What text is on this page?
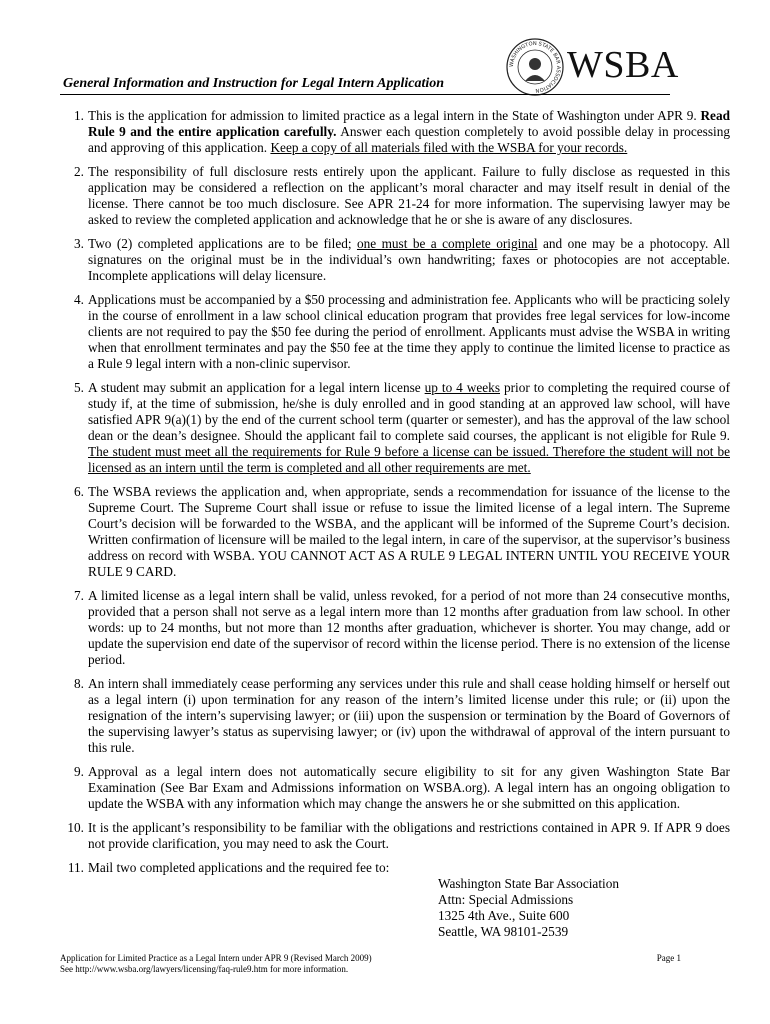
WASHINGTON STATE BAR ASSOCIATION
WSBA
General Information and Instruction for Legal Intern Application
1. This is the application for admission to limited practice as a legal intern in the State of Washington under APR 9. Read Rule 9 and the entire application carefully. Answer each question completely to avoid possible delay in processing and approving of this application. Keep a copy of all materials filed with the WSBA for your records.
2. The responsibility of full disclosure rests entirely upon the applicant. Failure to fully disclose as requested in this application may be considered a reflection on the applicant’s moral character and may itself result in denial of the license. There cannot be too much disclosure. See APR 21-24 for more information. The supervising lawyer may be asked to review the completed application and acknowledge that he or she is aware of any disclosures.
3. Two (2) completed applications are to be filed; one must be a complete original and one may be a photocopy. All signatures on the original must be in the individual’s own handwriting; faxes or photocopies are not acceptable. Incomplete applications will delay licensure.
4. Applications must be accompanied by a $50 processing and administration fee. Applicants who will be practicing solely in the course of enrollment in a law school clinical education program that provides free legal services for low-income clients are not required to pay the $50 fee during the period of enrollment. Applicants must advise the WSBA in writing when that enrollment terminates and pay the $50 fee at the time they apply to continue the limited license to practice as a Rule 9 legal intern with a non-clinic supervisor.
5. A student may submit an application for a legal intern license up to 4 weeks prior to completing the required course of study if, at the time of submission, he/she is duly enrolled and in good standing at an approved law school, will have satisfied APR 9(a)(1) by the end of the current school term (quarter or semester), and has the approval of the law school dean or the dean’s designee. Should the applicant fail to complete said courses, the applicant is not eligible for Rule 9. The student must meet all the requirements for Rule 9 before a license can be issued. Therefore the student will not be licensed as an intern until the term is completed and all other requirements are met.
6. The WSBA reviews the application and, when appropriate, sends a recommendation for issuance of the license to the Supreme Court. The Supreme Court shall issue or refuse to issue the limited license of a legal intern. The Supreme Court’s decision will be forwarded to the WSBA, and the applicant will be informed of the Supreme Court’s decision. Written confirmation of licensure will be mailed to the legal intern, in care of the supervisor, at the supervisor’s business address on record with WSBA. YOU CANNOT ACT AS A RULE 9 LEGAL INTERN UNTIL YOU RECEIVE YOUR RULE 9 CARD.
7. A limited license as a legal intern shall be valid, unless revoked, for a period of not more than 24 consecutive months, provided that a person shall not serve as a legal intern more than 12 months after graduation from law school. In other words: up to 24 months, but not more than 12 months after graduation, whichever is shorter. You may change, add or update the supervision end date of the supervisor of record within the license period. There is no extension of the license period.
8. An intern shall immediately cease performing any services under this rule and shall cease holding himself or herself out as a legal intern (i) upon termination for any reason of the intern’s limited license under this rule; or (ii) upon the resignation of the intern’s supervising lawyer; or (iii) upon the suspension or termination by the Board of Governors of the supervising lawyer’s status as supervising lawyer; or (iv) upon the withdrawal of approval of the intern pursuant to this rule.
9. Approval as a legal intern does not automatically secure eligibility to sit for any given Washington State Bar Examination (See Bar Exam and Admissions information on WSBA.org). A legal intern has an ongoing obligation to update the WSBA with any information which may change the answers he or she submitted on this application.
10. It is the applicant’s responsibility to be familiar with the obligations and restrictions contained in APR 9. If APR 9 does not provide clarification, you may need to ask the Court.
11. Mail two completed applications and the required fee to:
Washington State Bar Association
Attn: Special Admissions
1325 4th Ave., Suite 600
Seattle, WA 98101-2539
Application for Limited Practice as a Legal Intern under APR 9 (Revised March 2009)
See http://www.wsba.org/lawyers/licensing/faq-rule9.htm for more information.
Page 1
